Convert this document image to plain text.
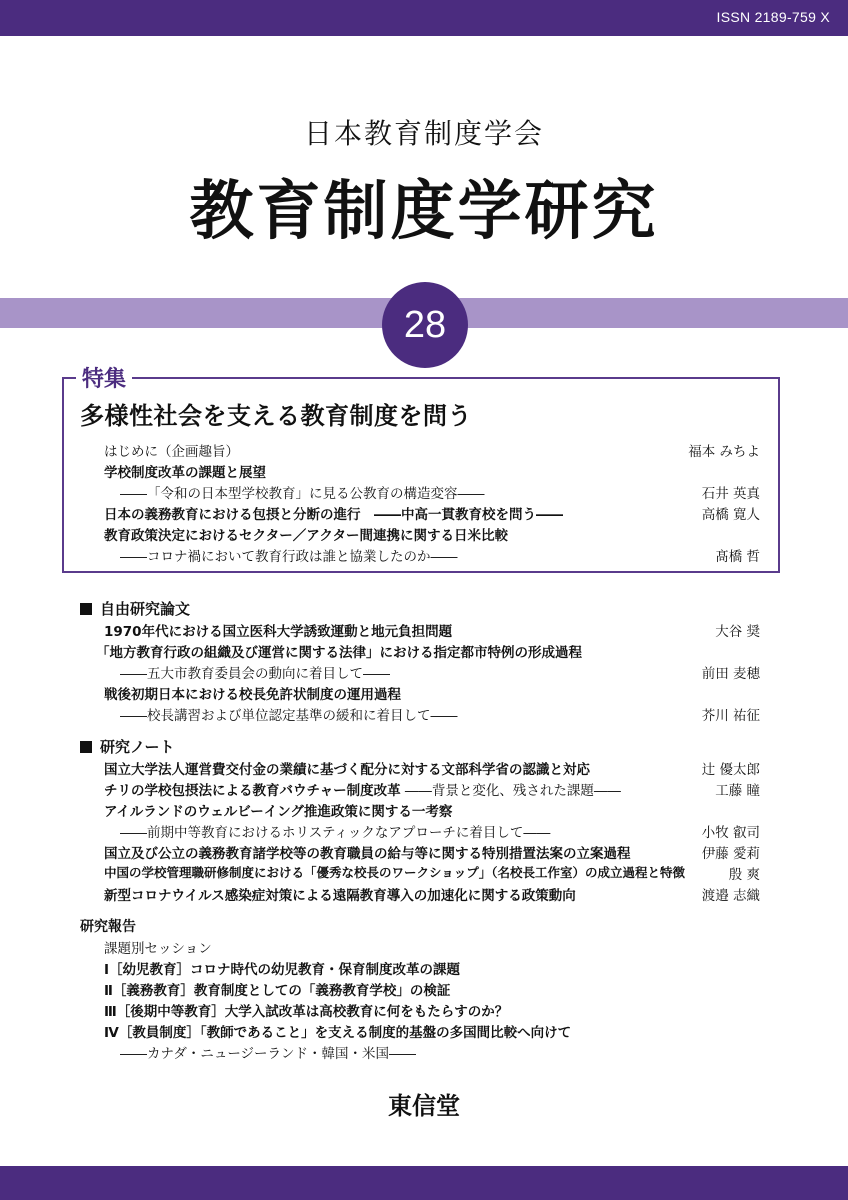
ISSN 2189-759 X
日本教育制度学会
教育制度学研究
28
特集
多様性社会を支える教育制度を問う
はじめに（企画趣旨）	福本 みちよ
学校制度改革の課題と展望
――「令和の日本型学校教育」に見る公教育の構造変容――	石井 英真
日本の義務教育における包摂と分断の進行　――中高一貫教育校を問う――	高橋 寛人
教育政策決定におけるセクター／アクター間連携に関する日米比較
――コロナ禍において教育行政は誰と協業したのか――	髙橋 哲
自由研究論文
1970年代における国立医科大学誘致運動と地元負担問題	大谷 奨
「地方教育行政の組織及び運営に関する法律」における指定都市特例の形成過程
――五大市教育委員会の動向に着目して――	前田 麦穂
戦後初期日本における校長免許状制度の運用過程
――校長講習および単位認定基準の緩和に着目して――	芥川 祐征
研究ノート
国立大学法人運営費交付金の業績に基づく配分に対する文部科学省の認識と対応	辻 優太郎
チリの学校包摂法による教育バウチャー制度改革 ――背景と変化、残された課題――	工藤 瞳
アイルランドのウェルビーイング推進政策に関する一考察
――前期中等教育におけるホリスティックなアプローチに着目して――	小牧 叡司
国立及び公立の義務教育諸学校等の教育職員の給与等に関する特別措置法案の立案過程	伊藤 愛莉
中国の学校管理職研修制度における「優秀な校長のワークショップ」（名校長工作室）の成立過程と特徴	殷 爽
新型コロナウイルス感染症対策による遠隔教育導入の加速化に関する政策動向	渡邉 志織
研究報告
課題別セッション
Ⅰ［幼児教育］コロナ時代の幼児教育・保育制度改革の課題
Ⅱ［義務教育］教育制度としての「義務教育学校」の検証
Ⅲ［後期中等教育］大学入試改革は高校教育に何をもたらすのか？
Ⅳ［教員制度］「教師であること」を支える制度的基盤の多国間比較へ向けて
――カナダ・ニュージーランド・韓国・米国――
東信堂
